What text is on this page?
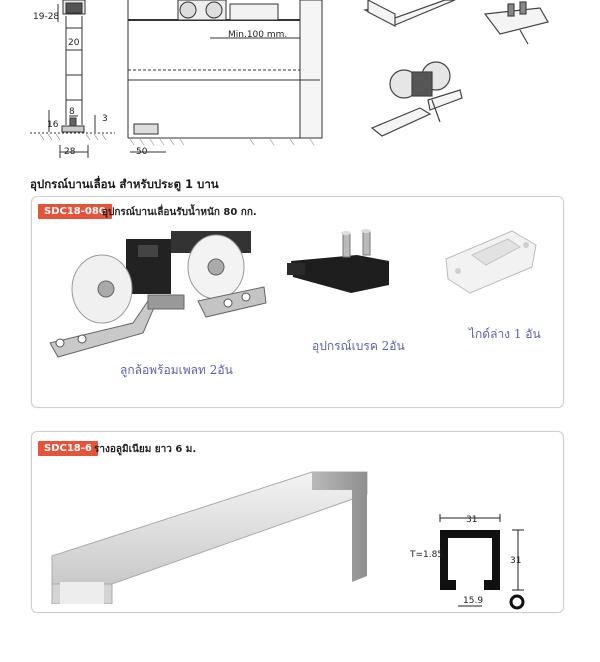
19-28
20
8
16
3
28	50
Min.100 mm.
อุปกรณ์บานเลื่อน สำหรับประตู 1 บาน
SDC18-080
อุปกรณ์บานเลื่อนรับน้ำหนัก 80 กก.
ลูกล้อพร้อมเพลท 2อัน
อุปกรณ์เบรค 2อัน
ไกด์ล่าง 1 อัน
SDC18-6 รางอลูมิเนียม ยาว 6 ม.
31
31
T=1.85
15.9
